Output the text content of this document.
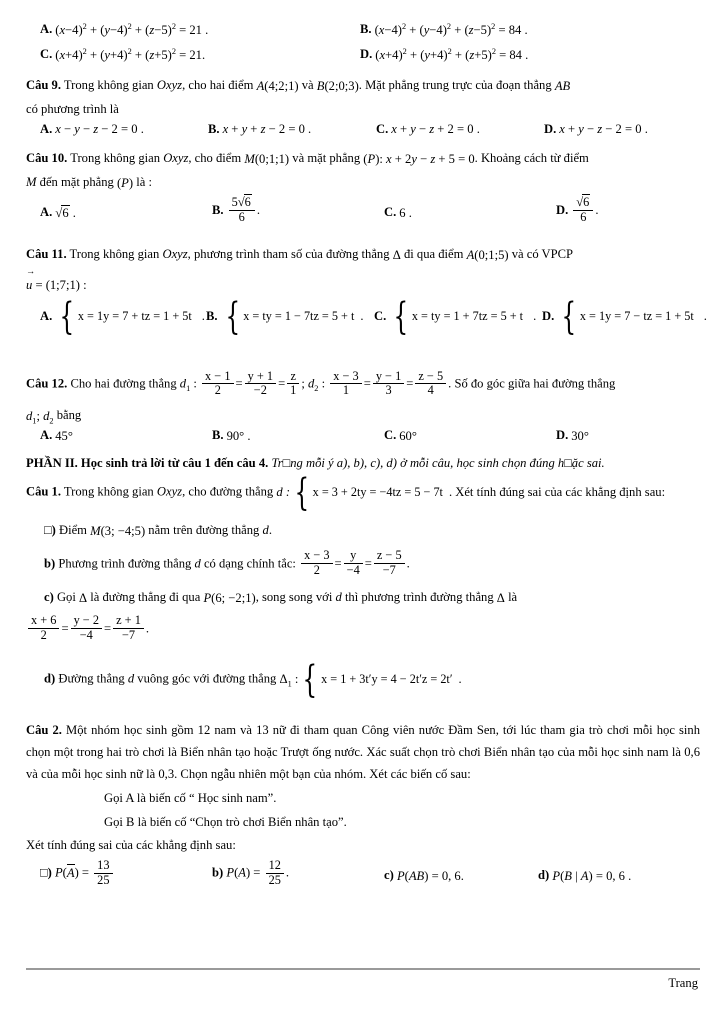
A. $(x-4)^2 + (y-4)^2 + (z-5)^2 = 21$ .	B. $(x-4)^2 + (y-4)^2 + (z-5)^2 = 84$ .
C. $(x+4)^2 + (y+4)^2 + (z+5)^2 = 21$.	D. $(x+4)^2 + (y+4)^2 + (z+5)^2 = 84$ .
Câu 9. Trong không gian Oxyz, cho hai điểm A(4;2;1) và B(2;0;3). Mặt phẳng trung trực của đoạn thẳng AB
có phương trình là
A. x − y − z − 2 = 0 .	B. x + y + z − 2 = 0 .	C. x + y − z + 2 = 0 .	D. x + y − z − 2 = 0 .
Câu 10. Trong không gian Oxyz, cho điểm M(0;1;1) và mặt phẳng (P): x + 2y − z + 5 = 0. Khoảng cách từ điểm
M đến mặt phẳng (P) là :
A. √6 .	B. $\frac{5√6}{6}$ .	C. 6 .	D. $\frac{√6}{6}$ .
Câu 11. Trong không gian Oxyz, phương trình tham số của đường thẳng Δ đi qua điểm A(0;1;5) và có VPCP
u → = (1;7;1) :
A. { x = 1y = 7 + tz = 1 + 5t . B. { x = ty = 1 − 7tz = 5 + t . C. { x = ty = 1 + 7tz = 5 + t . D. { x = 1y = 7 − tz = 1 + 5t .
Câu 12. Cho hai đường thẳng $d_1$ : $\frac{x - 1}{2} = \frac{y + 1}{-2} = \frac{z}{1}$ ; $d_2$ : $\frac{x - 3}{1} = \frac{y - 1}{3} = \frac{z - 5}{4}$ . Số đo góc giữa hai đường thẳng
$d_1$; $d_2$ bằng
A. 45°	B. 90° .	C. 60°	D. 30°
PHẦN II. Học sinh trả lời từ câu 1 đến câu 4. Tr□ng mỗi ý a), b), c), d) ở mỗi câu, học sinh chọn đúng h□ặc sai.
Câu 1. Trong không gian Oxyz, cho đường thẳng d : { x = 3 + 2ty = −4tz = 5 − 7t . Xét tính đúng sai của các khẳng định sau:
□) Điểm M(3; −4;5) nằm trên đường thẳng d.
b) Phương trình đường thẳng d có dạng chính tắc: $\frac{x - 3}{2} = \frac{y}{-4} = \frac{z - 5}{-7}$ .
c) Gọi Δ là đường thẳng đi qua P(6; −2;1), song song với d thì phương trình đường thẳng Δ là
$\frac{x + 6}{2} = \frac{y - 2}{-4} = \frac{z + 1}{-7}$ .
d) Đường thẳng d vuông góc với đường thẳng $\Delta_1$ : { x = 1 + 3t′y = 4 − 2t′z = 2t′ .
Câu 2. Một nhóm học sinh gồm 12 nam và 13 nữ đi tham quan Công viên nước Đầm Sen, tới lúc tham gia trò chơi mỗi học sinh chọn một trong hai trò chơi là Biển nhân tạo hoặc Trượt ống nước. Xác suất chọn trò chơi Biển nhân tạo của mỗi học sinh nam là 0,6 và của mỗi học sinh nữ là 0,3. Chọn ngẫu nhiên một bạn của nhóm. Xét các biến cố sau:
Gọi A là biến cố “ Học sinh nam”.
Gọi B là biến cố “Chọn trò chơi Biển nhân tạo”.
Xét tính đúng sai của các khẳng định sau:
□) $P(A) = \frac{13}{25}$	b) $P(A) = \frac{12}{25}$ .	c) P(AB) = 0, 6.	d) P(B | A) = 0, 6 .
Trang
